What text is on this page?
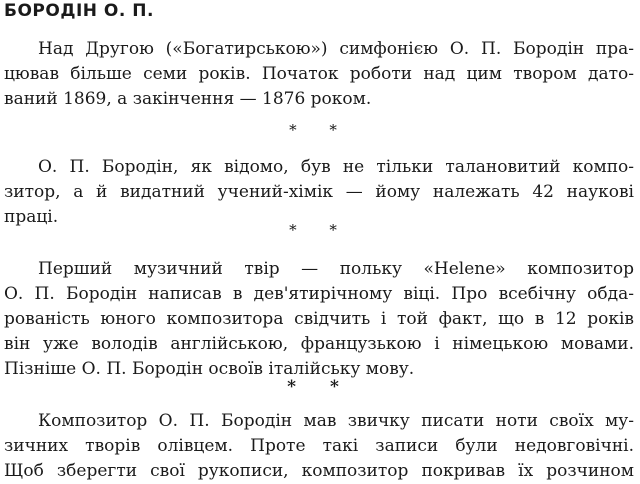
БОРОДІН О. П.

Над Другою («Богатирською») симфонією О. П. Бородін пра-
цював більше семи років. Початок роботи над цим твором дато-
ваний 1869, а закінчення — 1876 роком.

* *

О. П. Бородін, як відомо, був не тільки талановитий компо-
зитор, а й видатний учений-хімік — йому належать 42 наукові
праці.

* *

Перший музичний твір — польку «Helene» композитор
О. П. Бородін написав в дев'ятирічному віці. Про всебічну обда-
рованість юного композитора свідчить і той факт, що в 12 років
він уже володів англійською, французькою і німецькою мовами.
Пізніше О. П. Бородін освоїв італійську мову.

* *

Композитор О. П. Бородін мав звичку писати ноти своїх му-
зичних творів олівцем. Проте такі записи були недовговічні.
Щоб зберегти свої рукописи, композитор покривав їх розчином
